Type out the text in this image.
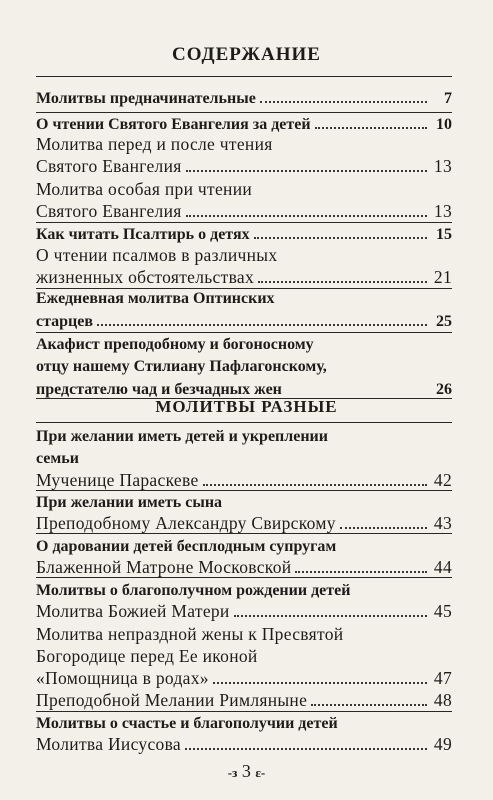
СОДЕРЖАНИЕ
Молитвы предначинательные	7
О чтении Святого Евангелия за детей	10
Молитва перед и после чтения
Святого Евангелия	13
Молитва особая при чтении
Святого Евангелия	13
Как читать Псалтирь о детях	15
О чтении псалмов в различных
жизненных обстоятельствах	21
Ежедневная молитва Оптинских
старцев	25
Акафист преподобному и богоносному
отцу нашему Стилиану Пафлагонскому,
предстателю чад и безчадных жен	26
МОЛИТВЫ РАЗНЫЕ
При желании иметь детей и укреплении
семьи
Мученице Параскеве	42
При желании иметь сына
Преподобному Александру Свирскому	43
О даровании детей бесплодным супругам
Блаженной Матроне Московской	44
Молитвы о благополучном рождении детей
Молитва Божией Матери	45
Молитва непраздной жены к Пресвятой
Богородице перед Ее иконой
«Помощница в родах»	47
Преподобной Мелании Римляныне	48
Молитвы о счастье и благополучии детей
Молитва Иисусова	49
-з 3 ε-
